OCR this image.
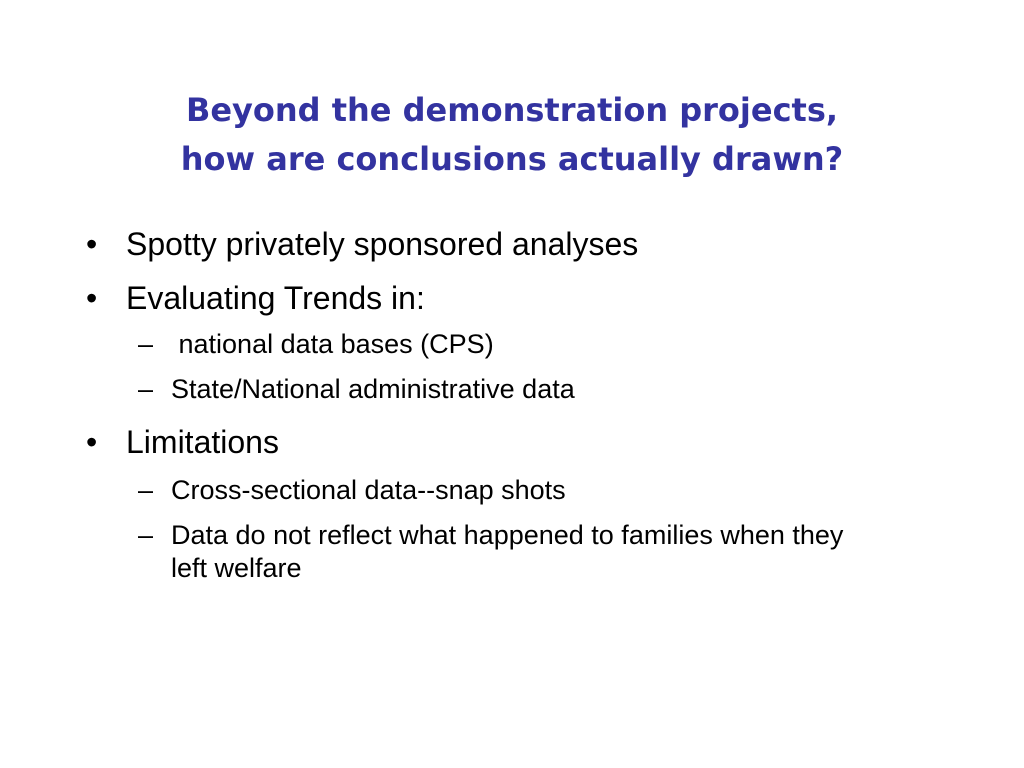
Beyond the demonstration projects,
how are conclusions actually drawn?
• Spotty privately sponsored analyses
• Evaluating Trends in:
– national data bases (CPS)
– State/National administrative data
• Limitations
– Cross-sectional data--snap shots
– Data do not reflect what happened to families when they left welfare
